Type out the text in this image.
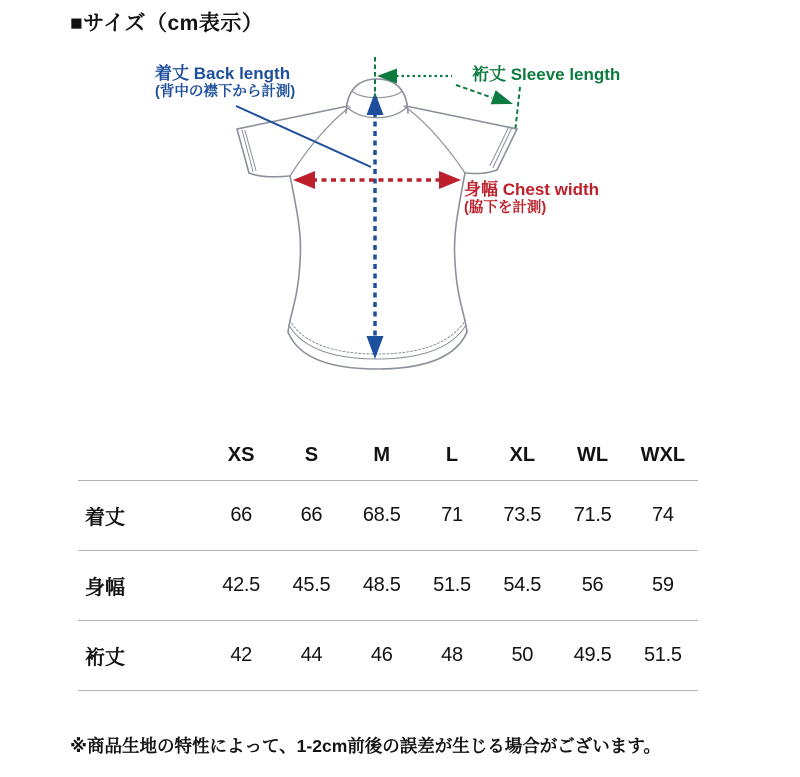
■サイズ（cm表示）
着丈 Back length
(背中の襟下から計測)
裄丈 Sleeve length
身幅 Chest width
(脇下を計測)
XS	S	M	L	XL	WL	WXL
着丈	66	66	68.5	71	73.5	71.5	74
身幅	42.5	45.5	48.5	51.5	54.5	56	59
裄丈	42	44	46	48	50	49.5	51.5
※商品生地の特性によって、1-2cm前後の誤差が生じる場合がございます。
